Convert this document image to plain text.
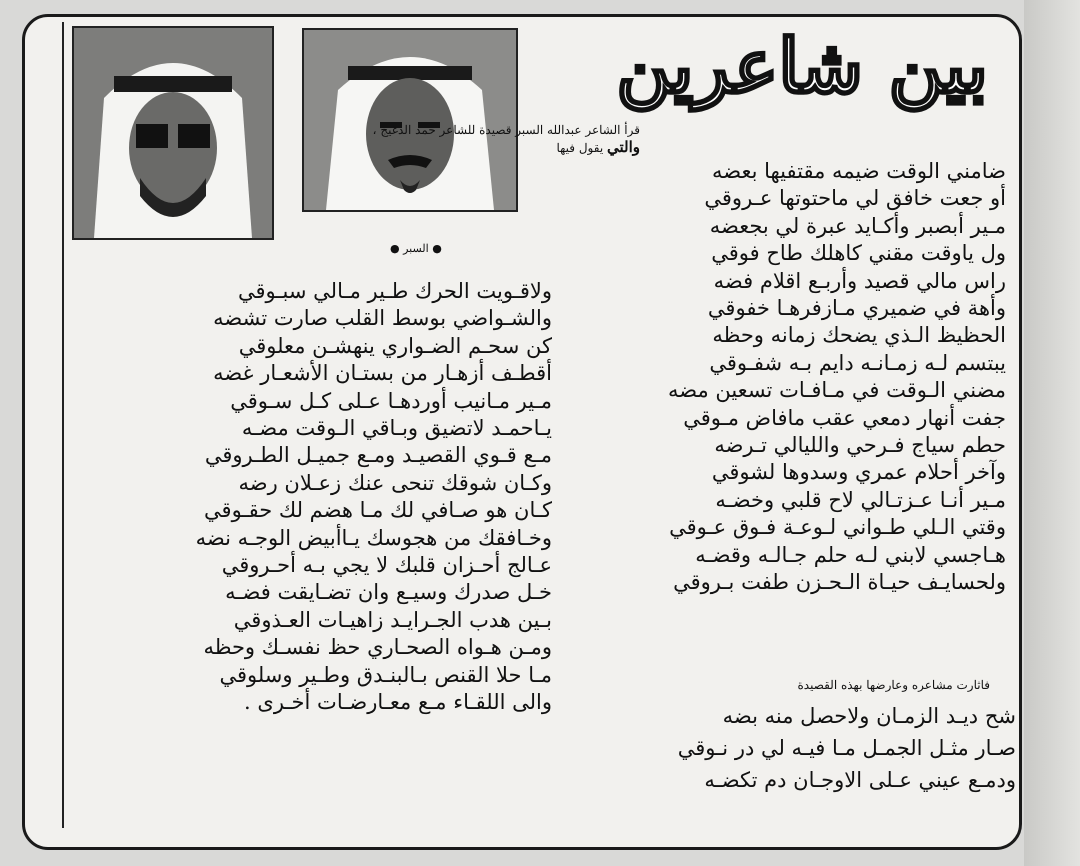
بين شاعرين
● السبر ●
قرأ الشاعر عبدالله السبر قصيدة للشاعر حمد الدغيج ،
والتي يقول فيها
ضامني الوقت ضيمه مقتفيها بعضه
أو جعت خافق لي ماحتوتها عـروقي
مـير أبصبر وأكـايد عبرة لي بجعضه
ول ياوقت مقني كاهلك طاح فوقي
راس مالي قصيد وأربـع اقلام فضه
وأهة في ضميري مـازفرهـا خفوقي
الحظيظ الـذي يضحك زمانه وحظه
يبتسم لـه زمـانـه دايم بـه شفـوقي
مضني الـوقت في مـافـات تسعين مضه
جفت أنهار دمعي عقب مافاض مـوقي
حطم سياج فـرحي والليالي تـرضه
وآخر أحلام عمري وسدوها لشوقي
مـير أنـا عـزتـالي لاح قلبي وخضـه
وقتي الـلي طـواني لـوعـة فـوق عـوقي
هـاجسي لابني لـه حلم جـالـه وقضـه
ولحسايـف حيـاة الـحـزن طفت بـروقي
فاثارت مشاعره وعارضها بهذه القصيدة
شح ديـد الزمـان ولاحصل منه بضه
صـار مثـل الجمـل مـا فيـه لي در نـوقي
ودمـع عيني عـلى الاوجـان دم تكضـه
ولاقـويت الحرك طـير مـالي سبـوقي
والشـواضي بوسط القلب صارت تشضه
كن سحـم الضـواري ينهشـن معلوقي
أقطـف أزهـار من بستـان الأشعـار غضه
مـير مـانيب أوردهـا عـلى كـل سـوقي
يـاحمـد لاتضيق وبـاقي الـوقت مضـه
مـع قـوي القصيـد ومـع جميـل الطـروقي
وكـان شوقك تنحى عنك زعـلان رضه
كـان هو صـافي لك مـا هضم لك حقـوقي
وخـافقك من هجوسك يـاأبيض الوجـه نضه
عـالج أحـزان قلبك لا يجي بـه أحـروقي
خـل صدرك وسيـع وان تضـايقت فضـه
بـين هدب الجـرايـد زاهيـات العـذوقي
ومـن هـواه الصحـاري حظ نفسـك وحظه
مـا حلا القنص بـالبنـدق وطـير وسلوقي
والى اللقـاء مـع معـارضـات أخـرى .
